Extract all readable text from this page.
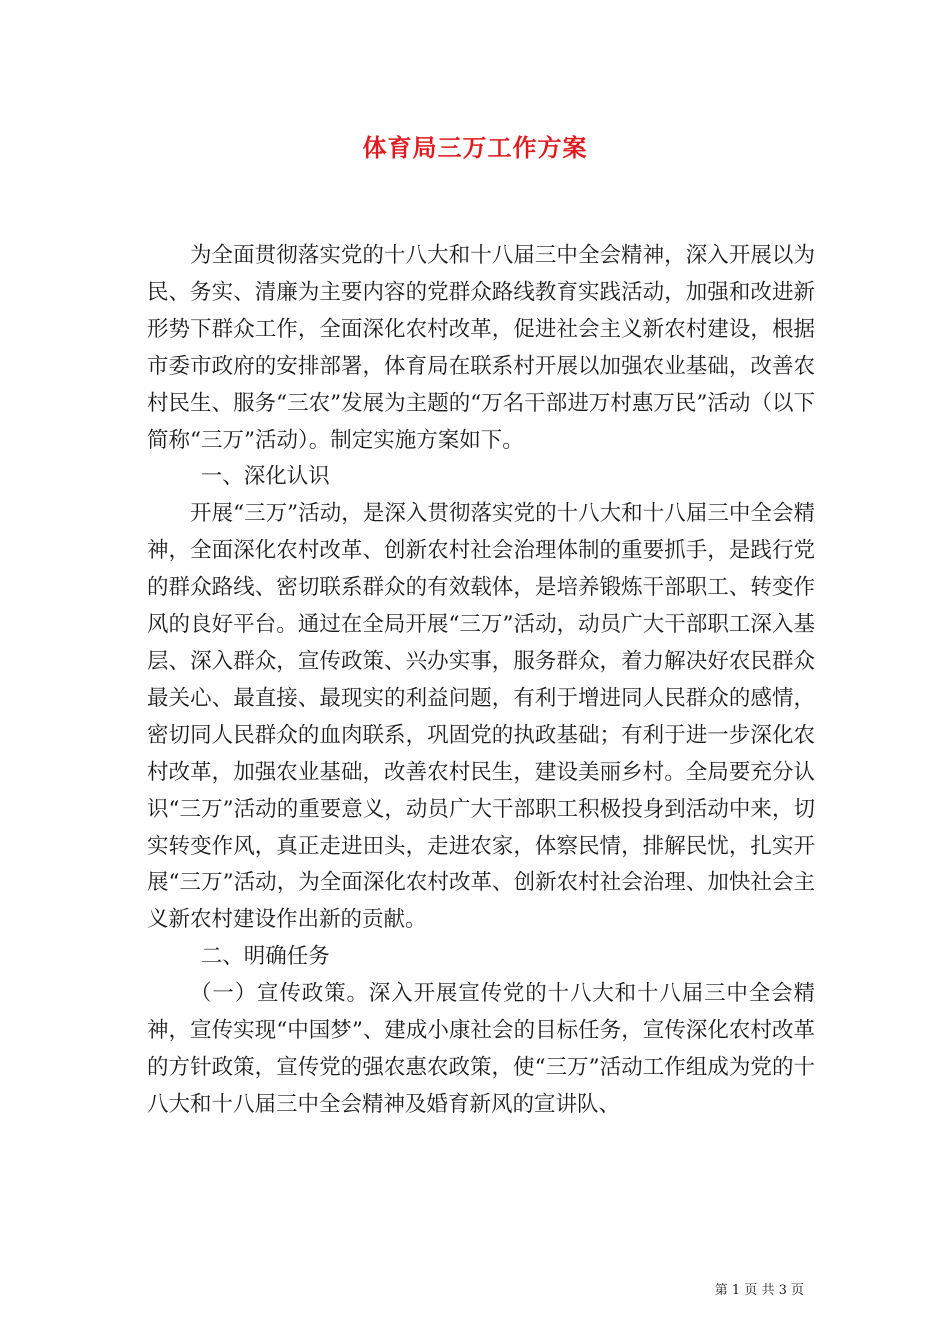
体育局三万工作方案

为全面贯彻落实党的十八大和十八届三中全会精神，深入开展以为民、务实、清廉为主要内容的党群众路线教育实践活动，加强和改进新形势下群众工作，全面深化农村改革，促进社会主义新农村建设，根据市委市政府的安排部署，体育局在联系村开展以加强农业基础，改善农村民生、服务“三农”发展为主题的“万名干部进万村惠万民”活动（以下简称“三万”活动）。制定实施方案如下。

一、深化认识

开展“三万”活动，是深入贯彻落实党的十八大和十八届三中全会精神，全面深化农村改革、创新农村社会治理体制的重要抓手，是践行党的群众路线、密切联系群众的有效载体，是培养锻炼干部职工、转变作风的良好平台。通过在全局开展“三万”活动，动员广大干部职工深入基层、深入群众，宣传政策、兴办实事，服务群众，着力解决好农民群众最关心、最直接、最现实的利益问题，有利于增进同人民群众的感情，密切同人民群众的血肉联系，巩固党的执政基础；有利于进一步深化农村改革，加强农业基础，改善农村民生，建设美丽乡村。全局要充分认识“三万”活动的重要意义，动员广大干部职工积极投身到活动中来，切实转变作风，真正走进田头，走进农家，体察民情，排解民忧，扎实开展“三万”活动，为全面深化农村改革、创新农村社会治理、加快社会主义新农村建设作出新的贡献。

二、明确任务

（一）宣传政策。深入开展宣传党的十八大和十八届三中全会精神，宣传实现“中国梦”、建成小康社会的目标任务，宣传深化农村改革的方针政策，宣传党的强农惠农政策，使“三万”活动工作组成为党的十八大和十八届三中全会精神及婚育新风的宣讲队、

第 1 页 共 3 页
